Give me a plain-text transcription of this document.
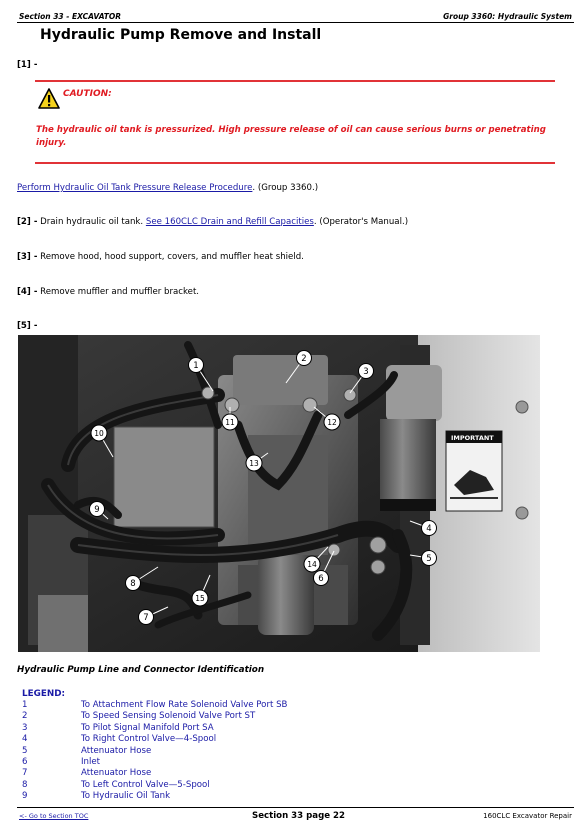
Section 33 - EXCAVATOR	Group 3360: Hydraulic System
Hydraulic Pump Remove and Install
[1] -
CAUTION:
The hydraulic oil tank is pressurized. High pressure release of oil can cause serious burns or penetrating injury.
Perform Hydraulic Oil Tank Pressure Release Procedure. (Group 3360.)
[2] - Drain hydraulic oil tank. See 160CLC Drain and Refill Capacities. (Operator's Manual.)
[3] - Remove hood, hood support, covers, and muffler heat shield.
[4] - Remove muffler and muffler bracket.
[5] -
IMPORTANT
1
2
3
4
5
6
7
8
9
10
11	12
13
14
15
Hydraulic Pump Line and Connector Identification
LEGEND:
1	To Attachment Flow Rate Solenoid Valve Port SB
2	To Speed Sensing Solenoid Valve Port ST
3	To Pilot Signal Manifold Port SA
4	To Right Control Valve—4-Spool
5	Attenuator Hose
6	Inlet
7	Attenuator Hose
8	To Left Control Valve—5-Spool
9	To Hydraulic Oil Tank
<- Go to Section TOC	Section 33 page 22	160CLC Excavator Repair
